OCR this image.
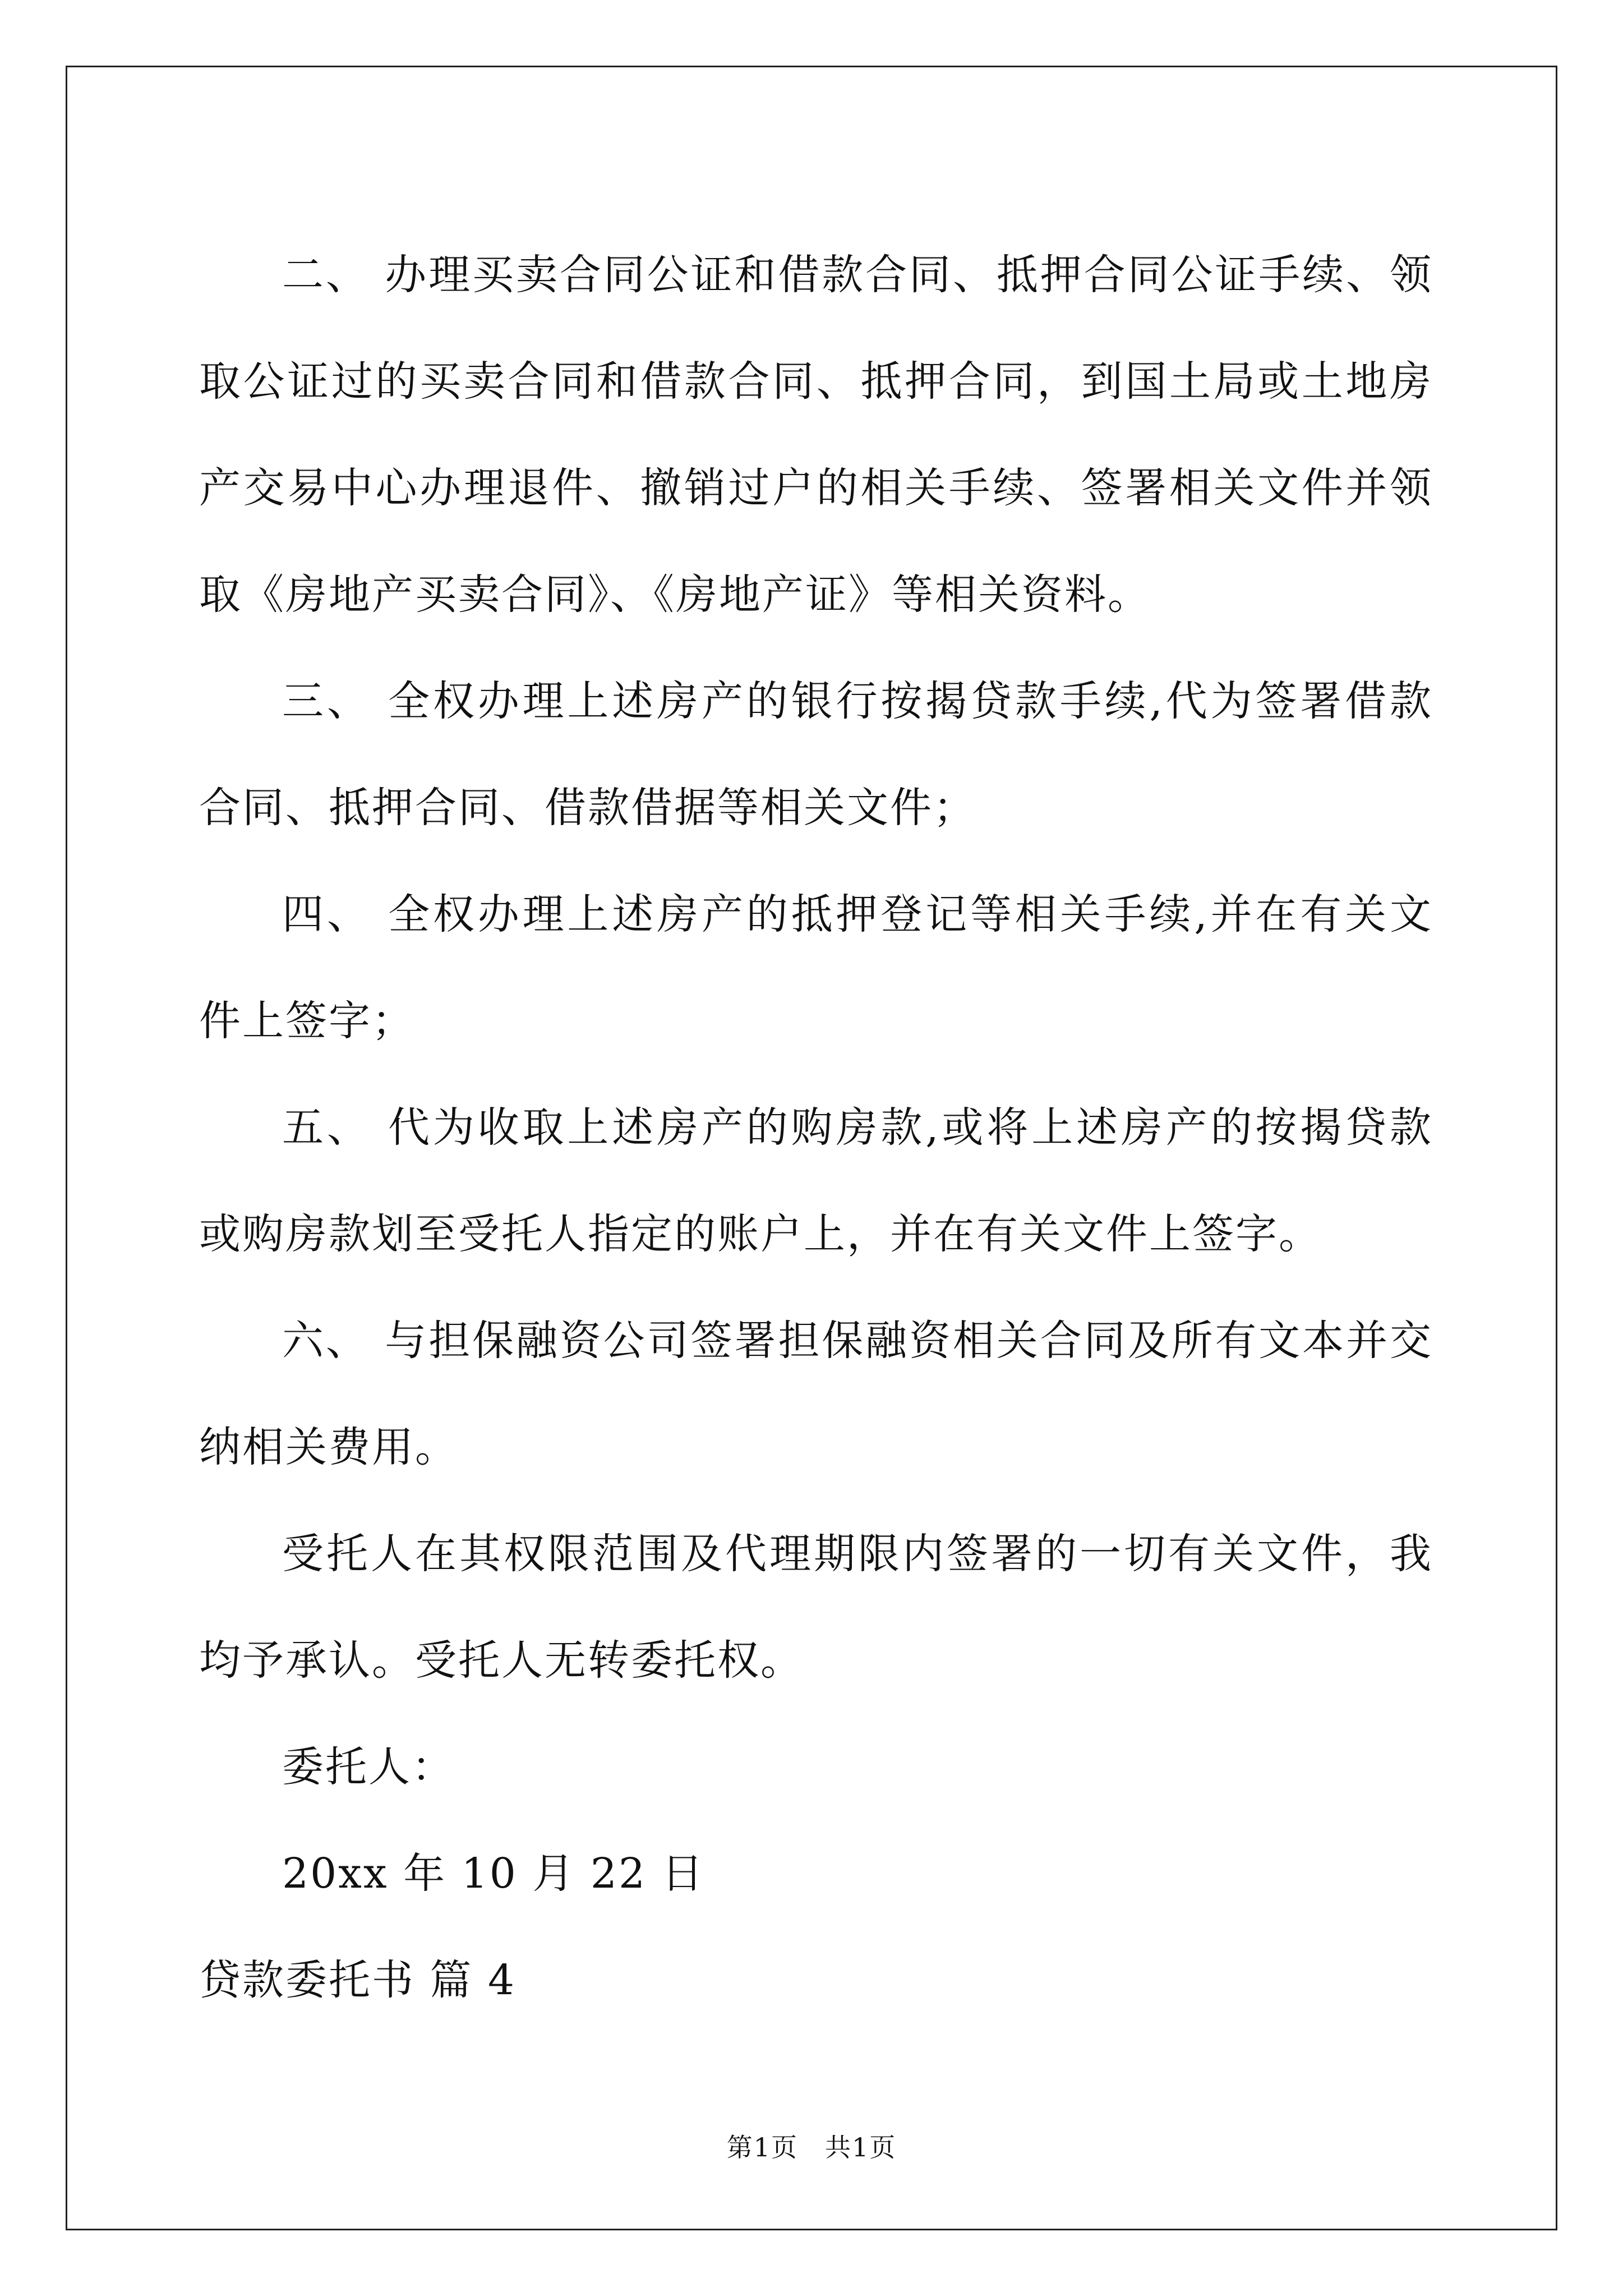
二、 办理买卖合同公证和借款合同、抵押合同公证手续、领取公证过的买卖合同和借款合同、抵押合同，到国土局或土地房产交易中心办理退件、撤销过户的相关手续、签署相关文件并领取《房地产买卖合同》、《房地产证》等相关资料。

三、 全权办理上述房产的银行按揭贷款手续,代为签署借款合同、抵押合同、借款借据等相关文件；

四、 全权办理上述房产的抵押登记等相关手续,并在有关文件上签字；

五、 代为收取上述房产的购房款,或将上述房产的按揭贷款或购房款划至受托人指定的账户上，并在有关文件上签字。

六、 与担保融资公司签署担保融资相关合同及所有文本并交纳相关费用。

受托人在其权限范围及代理期限内签署的一切有关文件，我均予承认。受托人无转委托权。

委托人：

20xx 年 10 月 22 日

贷款委托书 篇 4

第1页　共1页
